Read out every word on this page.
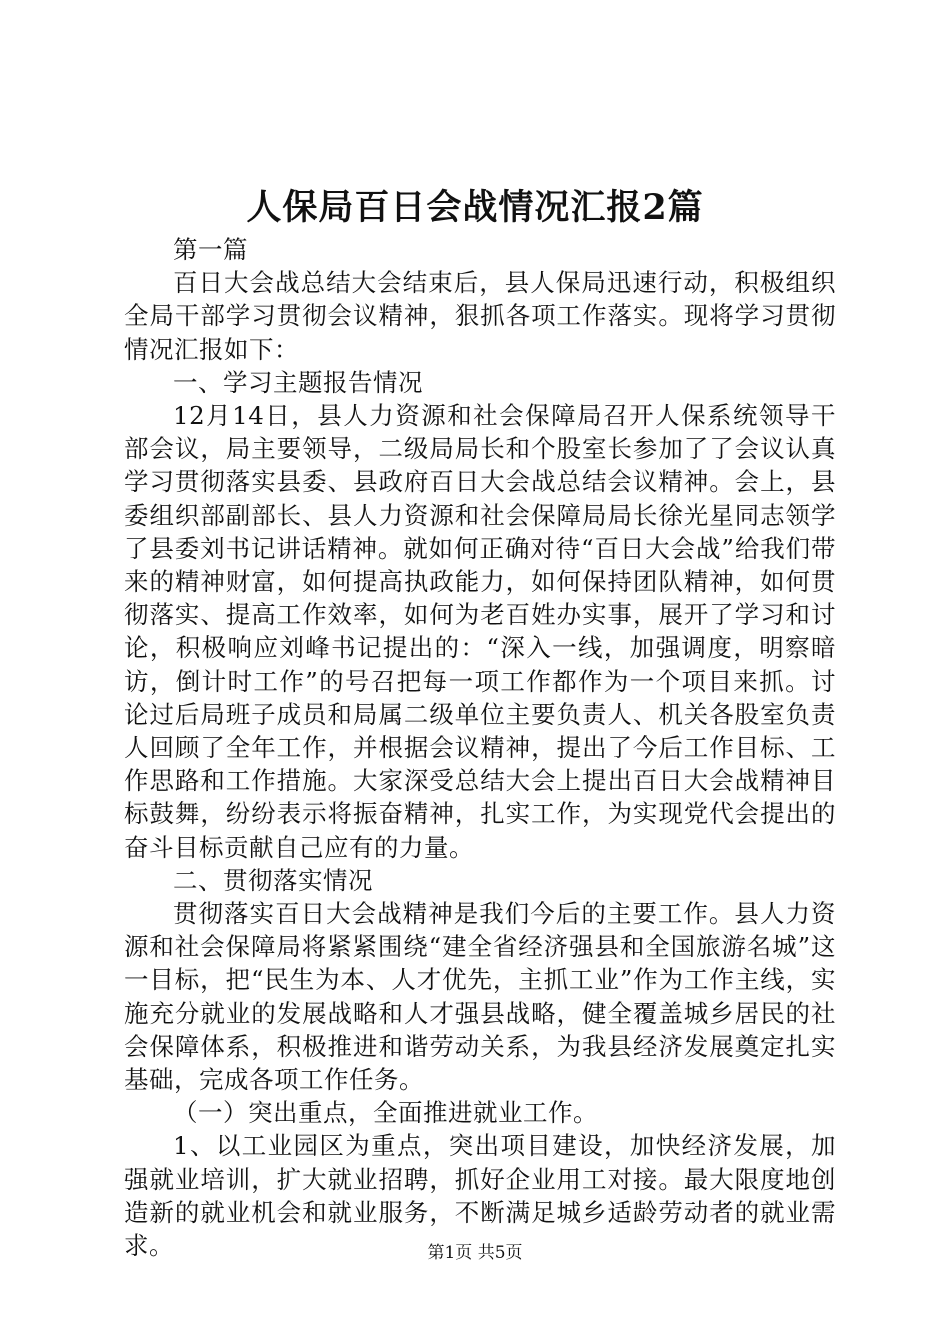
人保局百日会战情况汇报2篇

第一篇

百日大会战总结大会结束后，县人保局迅速行动，积极组织全局干部学习贯彻会议精神，狠抓各项工作落实。现将学习贯彻情况汇报如下：

一、学习主题报告情况

12月14日，县人力资源和社会保障局召开人保系统领导干部会议，局主要领导，二级局局长和个股室长参加了了会议认真学习贯彻落实县委、县政府百日大会战总结会议精神。会上，县委组织部副部长、县人力资源和社会保障局局长徐光星同志领学了县委刘书记讲话精神。就如何正确对待“百日大会战”给我们带来的精神财富，如何提高执政能力，如何保持团队精神，如何贯彻落实、提高工作效率，如何为老百姓办实事，展开了学习和讨论，积极响应刘峰书记提出的：“深入一线，加强调度，明察暗访，倒计时工作”的号召把每一项工作都作为一个项目来抓。讨论过后局班子成员和局属二级单位主要负责人、机关各股室负责人回顾了全年工作，并根据会议精神，提出了今后工作目标、工作思路和工作措施。大家深受总结大会上提出百日大会战精神目标鼓舞，纷纷表示将振奋精神，扎实工作，为实现党代会提出的奋斗目标贡献自己应有的力量。

二、贯彻落实情况

贯彻落实百日大会战精神是我们今后的主要工作。县人力资源和社会保障局将紧紧围绕“建全省经济强县和全国旅游名城”这一目标，把“民生为本、人才优先，主抓工业”作为工作主线，实施充分就业的发展战略和人才强县战略，健全覆盖城乡居民的社会保障体系，积极推进和谐劳动关系，为我县经济发展奠定扎实基础，完成各项工作任务。

（一）突出重点，全面推进就业工作。

1、以工业园区为重点，突出项目建设，加快经济发展，加强就业培训，扩大就业招聘，抓好企业用工对接。最大限度地创造新的就业机会和就业服务，不断满足城乡适龄劳动者的就业需求。	第1页 共5页
